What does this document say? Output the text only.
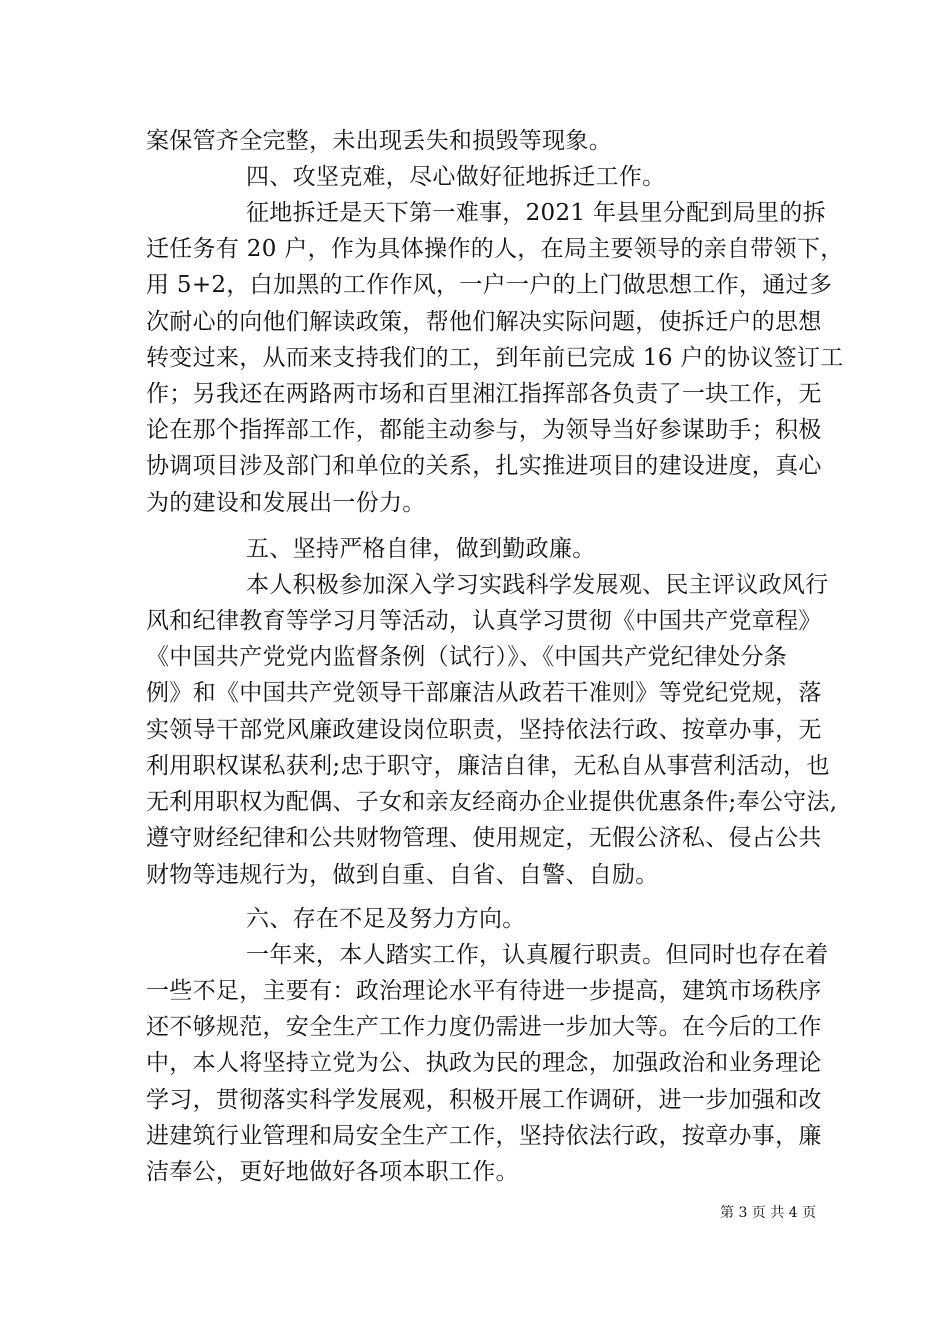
案保管齐全完整，未出现丢失和损毁等现象。
四、攻坚克难，尽心做好征地拆迁工作。
征地拆迁是天下第一难事，2021 年县里分配到局里的拆
迁任务有 20 户，作为具体操作的人，在局主要领导的亲自带领下，
用 5+2，白加黑的工作作风，一户一户的上门做思想工作，通过多
次耐心的向他们解读政策，帮他们解决实际问题，使拆迁户的思想
转变过来，从而来支持我们的工，到年前已完成 16 户的协议签订工
作；另我还在两路两市场和百里湘江指挥部各负责了一块工作，无
论在那个指挥部工作，都能主动参与，为领导当好参谋助手；积极
协调项目涉及部门和单位的关系，扎实推进项目的建设进度，真心
为的建设和发展出一份力。
五、坚持严格自律，做到勤政廉。
本人积极参加深入学习实践科学发展观、民主评议政风行
风和纪律教育等学习月等活动，认真学习贯彻《中国共产党章程》
《中国共产党党内监督条例（试行）》、《中国共产党纪律处分条
例》和《中国共产党领导干部廉洁从政若干准则》等党纪党规，落
实领导干部党风廉政建设岗位职责，坚持依法行政、按章办事，无
利用职权谋私获利;忠于职守，廉洁自律，无私自从事营利活动，也
无利用职权为配偶、子女和亲友经商办企业提供优惠条件;奉公守法,
遵守财经纪律和公共财物管理、使用规定，无假公济私、侵占公共
财物等违规行为，做到自重、自省、自警、自励。
六、存在不足及努力方向。
一年来，本人踏实工作，认真履行职责。但同时也存在着
一些不足，主要有：政治理论水平有待进一步提高，建筑市场秩序
还不够规范，安全生产工作力度仍需进一步加大等。在今后的工作
中，本人将坚持立党为公、执政为民的理念，加强政治和业务理论
学习，贯彻落实科学发展观，积极开展工作调研，进一步加强和改
进建筑行业管理和局安全生产工作，坚持依法行政，按章办事，廉
洁奉公，更好地做好各项本职工作。
第 3 页 共 4 页
